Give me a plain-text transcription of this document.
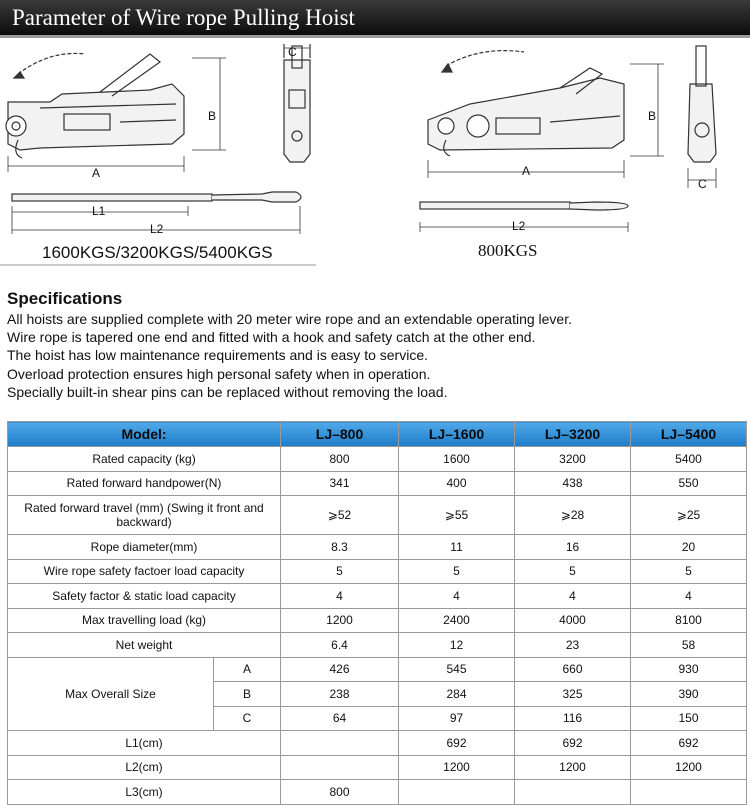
Parameter of Wire rope Pulling Hoist
A
B
C
L1
L2
A
B
C
L2
1600KGS/3200KGS/5400KGS	800KGS
Specifications

All hoists are supplied complete with 20 meter wire rope and an extendable operating lever.

Wire rope is tapered one end and fitted with a hook and safety catch at the other end.

The hoist has low maintenance requirements and is easy to service.

Overload protection ensures high personal safety when in operation.

Specially built-in shear pins can be replaced without removing the load.

Model:		LJ–800	LJ–1600	LJ–3200	LJ–5400
Rated capacity (kg)		800	1600	3200	5400
Rated forward handpower(N)		341	400	438	550
Rated forward travel (mm) (Swing it front and backward)		⩾52	⩾55	⩾28	⩾25
Rope diameter(mm)		8.3	11	16	20
Wire rope safety factoer load capacity		5	5	5	5
Safety factor & static load capacity		4	4	4	4
Max travelling load (kg)		1200	2400	4000	8100
Net weight		6.4	12	23	58
Max Overall Size	A	426	545	660	930
	B	238	284	325	390
	C	64	97	116	150
L1(cm)			692	692	692
L2(cm)			1200	1200	1200
L3(cm)		800			
